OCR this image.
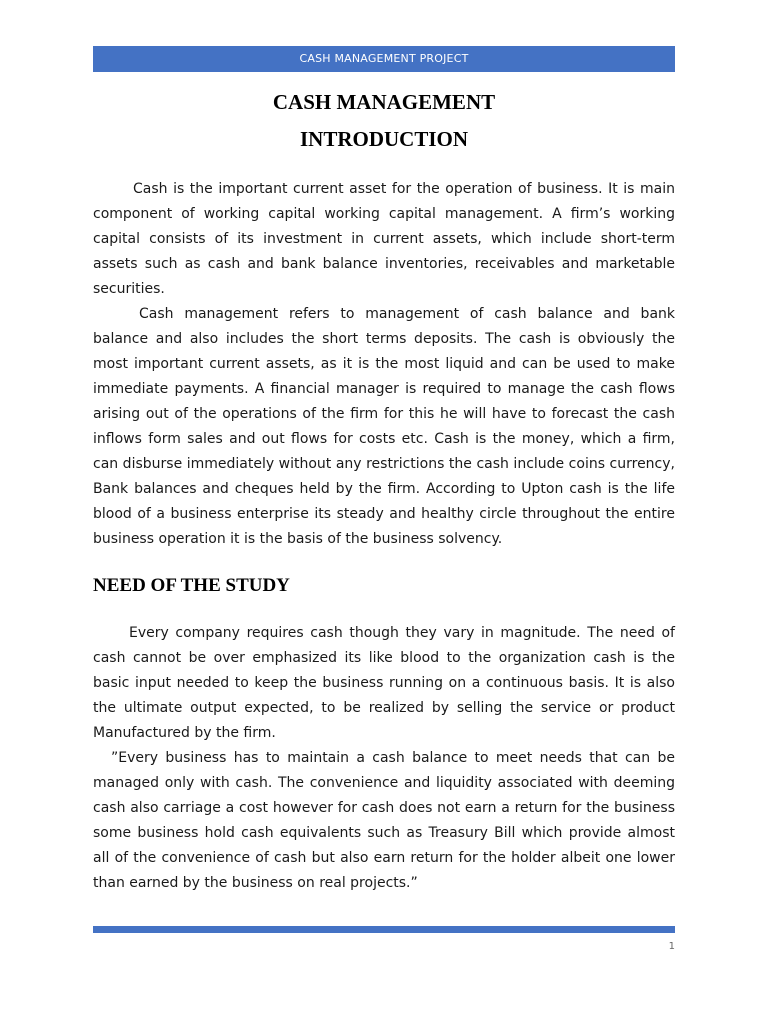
CASH MANAGEMENT PROJECT
CASH MANAGEMENT
INTRODUCTION

Cash is the important current asset for the operation of business. It is main component of working capital working capital management. A firm’s working capital consists of its investment in current assets, which include short-term assets such as cash and bank balance inventories, receivables and marketable securities.

Cash management refers to management of cash balance and bank balance and also includes the short terms deposits. The cash is obviously the most important current assets, as it is the most liquid and can be used to make immediate payments. A financial manager is required to manage the cash flows arising out of the operations of the firm for this he will have to forecast the cash inflows form sales and out flows for costs etc. Cash is the money, which a firm, can disburse immediately without any restrictions the cash include coins currency, Bank balances and cheques held by the firm. According to Upton cash is the life blood of a business enterprise its steady and healthy circle throughout the entire business operation it is the basis of the business solvency.

NEED OF THE STUDY

Every company requires cash though they vary in magnitude. The need of cash cannot be over emphasized its like blood to the organization cash is the basic input needed to keep the business running on a continuous basis. It is also the ultimate output expected, to be realized by selling the service or product Manufactured by the firm.

”Every business has to maintain a cash balance to meet needs that can be managed only with cash. The convenience and liquidity associated with deeming cash also carriage a cost however for cash does not earn a return for the business some business hold cash equivalents such as Treasury Bill which provide almost all of the convenience of cash but also earn return for the holder albeit one lower than earned by the business on real projects.”

1
